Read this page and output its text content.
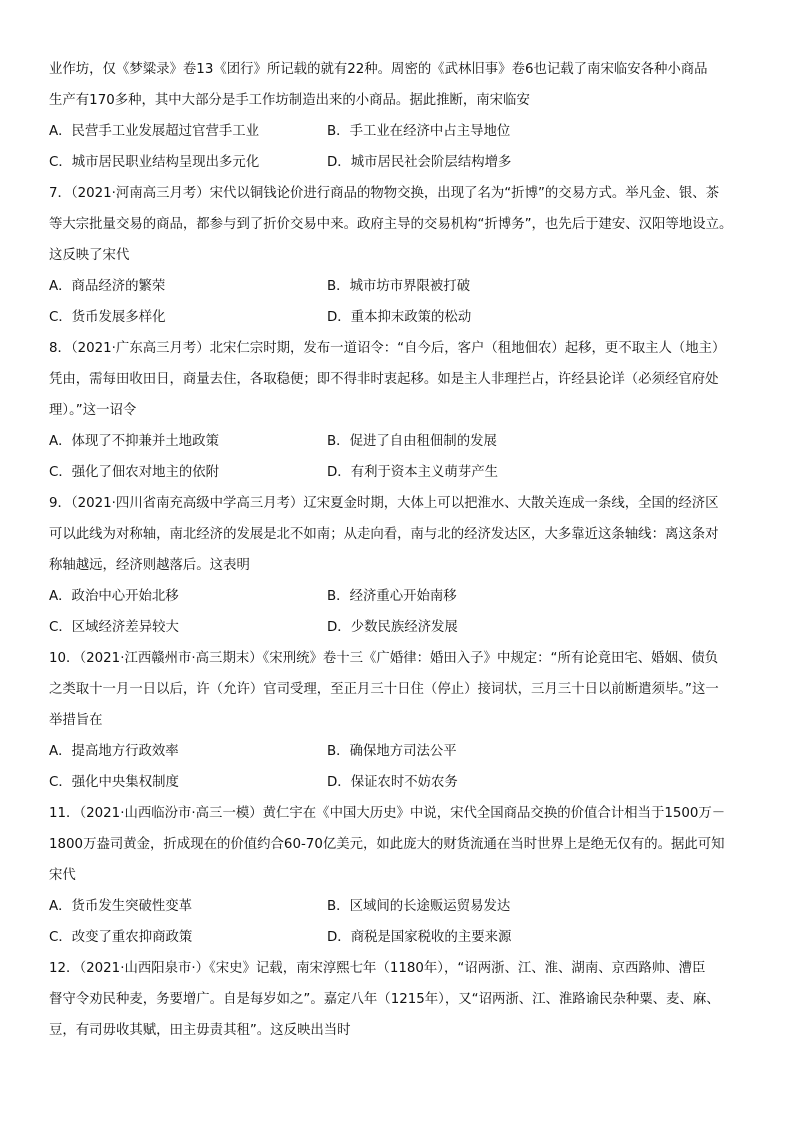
业作坊，仅《梦粱录》卷13《团行》所记载的就有22种。周密的《武林旧事》卷6也记载了南宋临安各种小商品
生产有170多种，其中大部分是手工作坊制造出来的小商品。据此推断，南宋临安
A．民营手工业发展超过官营手工业	B．手工业在经济中占主导地位
C．城市居民职业结构呈现出多元化	D．城市居民社会阶层结构增多
7．（2021·河南高三月考）宋代以铜钱论价进行商品的物物交换，出现了名为“折博”的交易方式。举凡金、银、茶
等大宗批量交易的商品，都参与到了折价交易中来。政府主导的交易机构“折博务”，也先后于建安、汉阳等地设立。
这反映了宋代
A．商品经济的繁荣	B．城市坊市界限被打破
C．货币发展多样化	D．重本抑末政策的松动
8．（2021·广东高三月考）北宋仁宗时期，发布一道诏令：“自今后，客户（租地佃农）起移，更不取主人（地主）
凭由，需每田收田日，商量去住，各取稳便；即不得非时衷起移。如是主人非理拦占，许经县论详（必须经官府处
理）。”这一诏令
A．体现了不抑兼并土地政策	B．促进了自由租佃制的发展
C．强化了佃农对地主的依附	D．有利于资本主义萌芽产生
9．（2021·四川省南充高级中学高三月考）辽宋夏金时期，大体上可以把淮水、大散关连成一条线，全国的经济区
可以此线为对称轴，南北经济的发展是北不如南；从走向看，南与北的经济发达区，大多靠近这条轴线：离这条对
称轴越远，经济则越落后。这表明
A．政治中心开始北移	B．经济重心开始南移
C．区域经济差异较大	D．少数民族经济发展
10．（2021·江西赣州市·高三期末）《宋刑统》卷十三《广婚律：婚田入子》中规定：“所有论竟田宅、婚姻、债负
之类取十一月一日以后，许（允许）官司受理，至正月三十日住（停止）接词状，三月三十日以前断遣须毕。”这一
举措旨在
A．提高地方行政效率	B．确保地方司法公平
C．强化中央集权制度	D．保证农时不妨农务
11．（2021·山西临汾市·高三一模）黄仁宇在《中国大历史》中说，宋代全国商品交换的价值合计相当于1500万－
1800万盎司黄金，折成现在的价值约合60-70亿美元，如此庞大的财货流通在当时世界上是绝无仅有的。据此可知
宋代
A．货币发生突破性变革	B．区域间的长途贩运贸易发达
C．改变了重农抑商政策	D．商税是国家税收的主要来源
12．（2021·山西阳泉市·）《宋史》记载，南宋淳熙七年（1180年），“诏两浙、江、淮、湖南、京西路帅、漕臣
督守令劝民种麦，务要增广。自是每岁如之”。嘉定八年（1215年），又“诏两浙、江、淮路谕民杂种粟、麦、麻、
豆，有司毋收其赋，田主毋责其租”。这反映出当时
